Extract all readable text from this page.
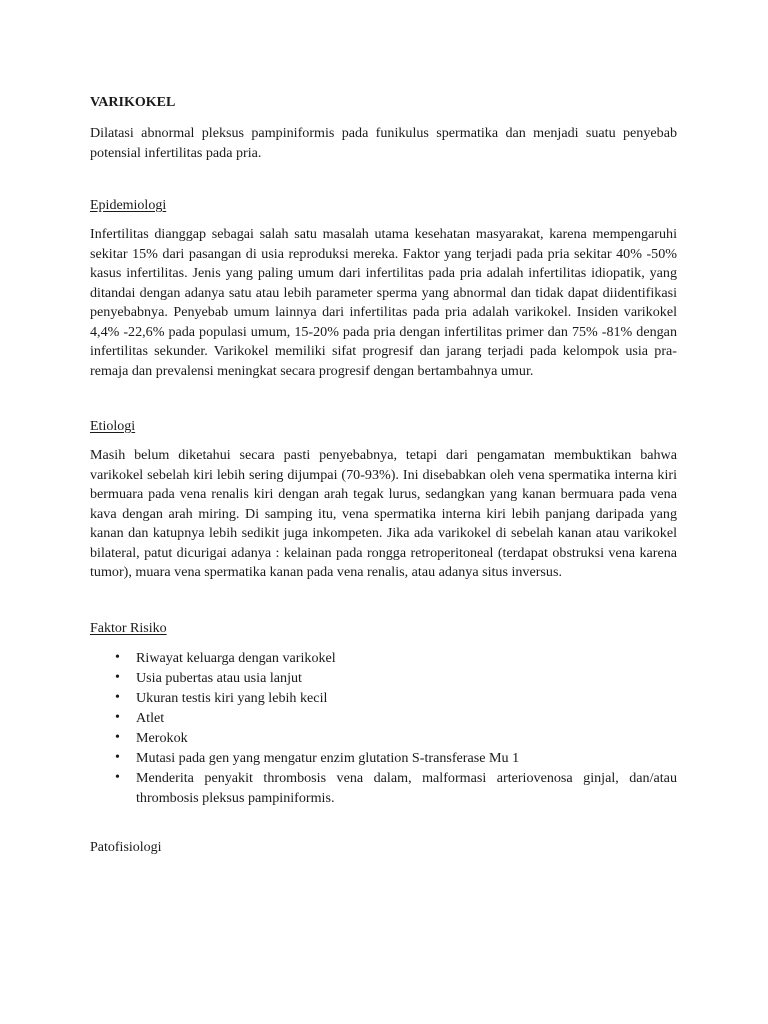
VARIKOKEL

Dilatasi abnormal pleksus pampiniformis pada funikulus spermatika dan menjadi suatu penyebab potensial infertilitas pada pria.

Epidemiologi

Infertilitas dianggap sebagai salah satu masalah utama kesehatan masyarakat, karena mempengaruhi sekitar 15% dari pasangan di usia reproduksi mereka. Faktor yang terjadi pada pria sekitar 40% -50% kasus infertilitas. Jenis yang paling umum dari infertilitas pada pria adalah infertilitas idiopatik, yang ditandai dengan adanya satu atau lebih parameter sperma yang abnormal dan tidak dapat diidentifikasi penyebabnya. Penyebab umum lainnya dari infertilitas pada pria adalah varikokel. Insiden varikokel 4,4% -22,6% pada populasi umum, 15-20% pada pria dengan infertilitas primer dan 75% -81% dengan infertilitas sekunder. Varikokel memiliki sifat progresif dan jarang terjadi pada kelompok usia pra-remaja dan prevalensi meningkat secara progresif dengan bertambahnya umur.

Etiologi

Masih belum diketahui secara pasti penyebabnya, tetapi dari pengamatan membuktikan bahwa varikokel sebelah kiri lebih sering dijumpai (70-93%). Ini disebabkan oleh vena spermatika interna kiri bermuara pada vena renalis kiri dengan arah tegak lurus, sedangkan yang kanan bermuara pada vena kava dengan arah miring. Di samping itu, vena spermatika interna kiri lebih panjang daripada yang kanan dan katupnya lebih sedikit juga inkompeten. Jika ada varikokel di sebelah kanan atau varikokel bilateral, patut dicurigai adanya : kelainan pada rongga retroperitoneal (terdapat obstruksi vena karena tumor), muara vena spermatika kanan pada vena renalis, atau adanya situs inversus.

Faktor Risiko
• Riwayat keluarga dengan varikokel
• Usia pubertas atau usia lanjut
• Ukuran testis kiri yang lebih kecil
• Atlet
• Merokok
• Mutasi pada gen yang mengatur enzim glutation S-transferase Mu 1
• Menderita penyakit thrombosis vena dalam, malformasi arteriovenosa ginjal, dan/atau thrombosis pleksus pampiniformis.
Patofisiologi
